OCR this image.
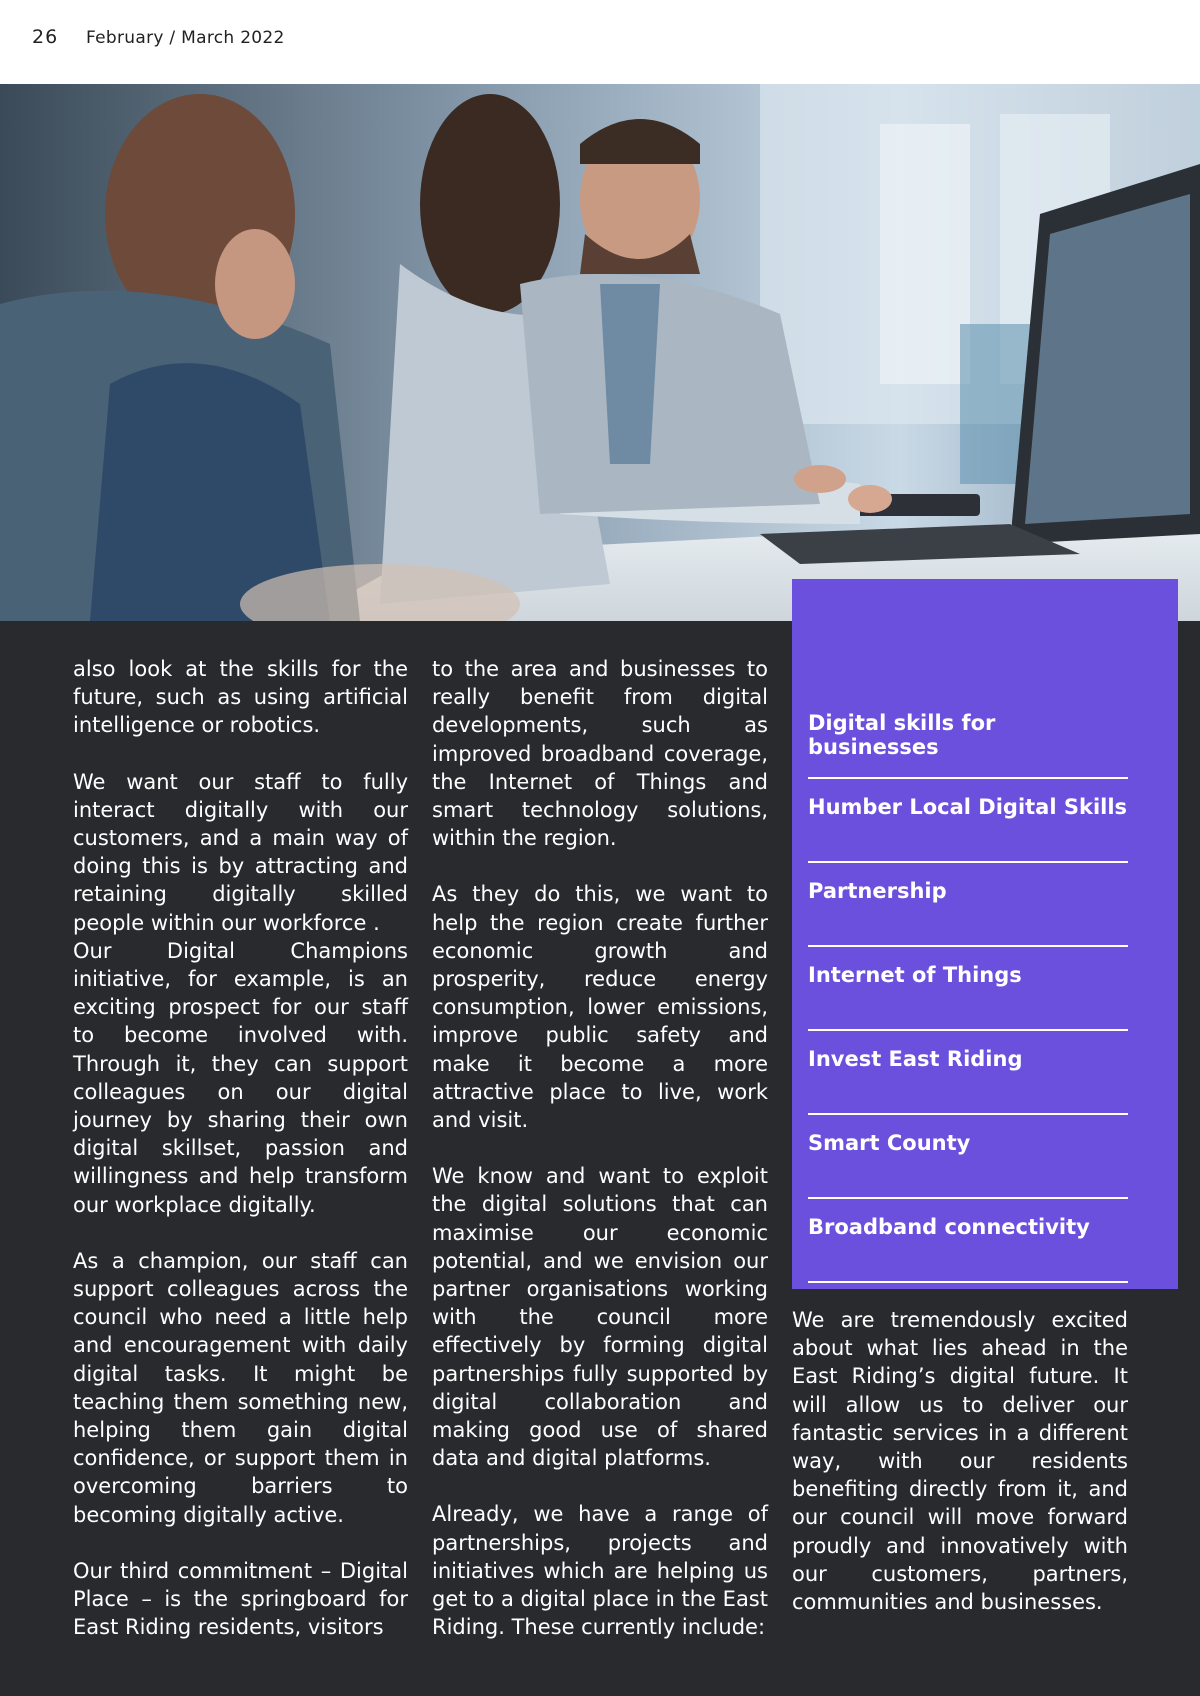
26 February / March 2022

also look at the skills for the future, such as using artificial intelligence or robotics.

We want our staff to fully interact digitally with our customers, and a main way of doing this is by attracting and retaining digitally skilled people within our workforce .

Our Digital Champions initiative, for example, is an exciting prospect for our staff to become involved with. Through it, they can support colleagues on our digital journey by sharing their own digital skillset, passion and willingness and help transform our workplace digitally.

As a champion, our staff can support colleagues across the council who need a little help and encouragement with daily digital tasks. It might be teaching them something new, helping them gain digital confidence, or support them in overcoming barriers to becoming digitally active.

Our third commitment – Digital Place – is the springboard for East Riding residents, visitors

to the area and businesses to really benefit from digital developments, such as improved broadband coverage, the Internet of Things and smart technology solutions, within the region.

As they do this, we want to help the region create further economic growth and prosperity, reduce energy consumption, lower emissions, improve public safety and make it become a more attractive place to live, work and visit.

We know and want to exploit the digital solutions that can maximise our economic potential, and we envision our partner organisations working with the council more effectively by forming digital partnerships fully supported by digital collaboration and making good use of shared data and digital platforms.

Already, we have a range of partnerships, projects and initiatives which are helping us get to a digital place in the East Riding. These currently include:

Digital skills for businesses
Humber Local Digital Skills
Partnership
Internet of Things
Invest East Riding
Smart County
Broadband connectivity

We are tremendously excited about what lies ahead in the East Riding’s digital future. It will allow us to deliver our fantastic services in a different way, with our residents benefiting directly from it, and our council will move forward proudly and innovatively with our customers, partners, communities and businesses.
